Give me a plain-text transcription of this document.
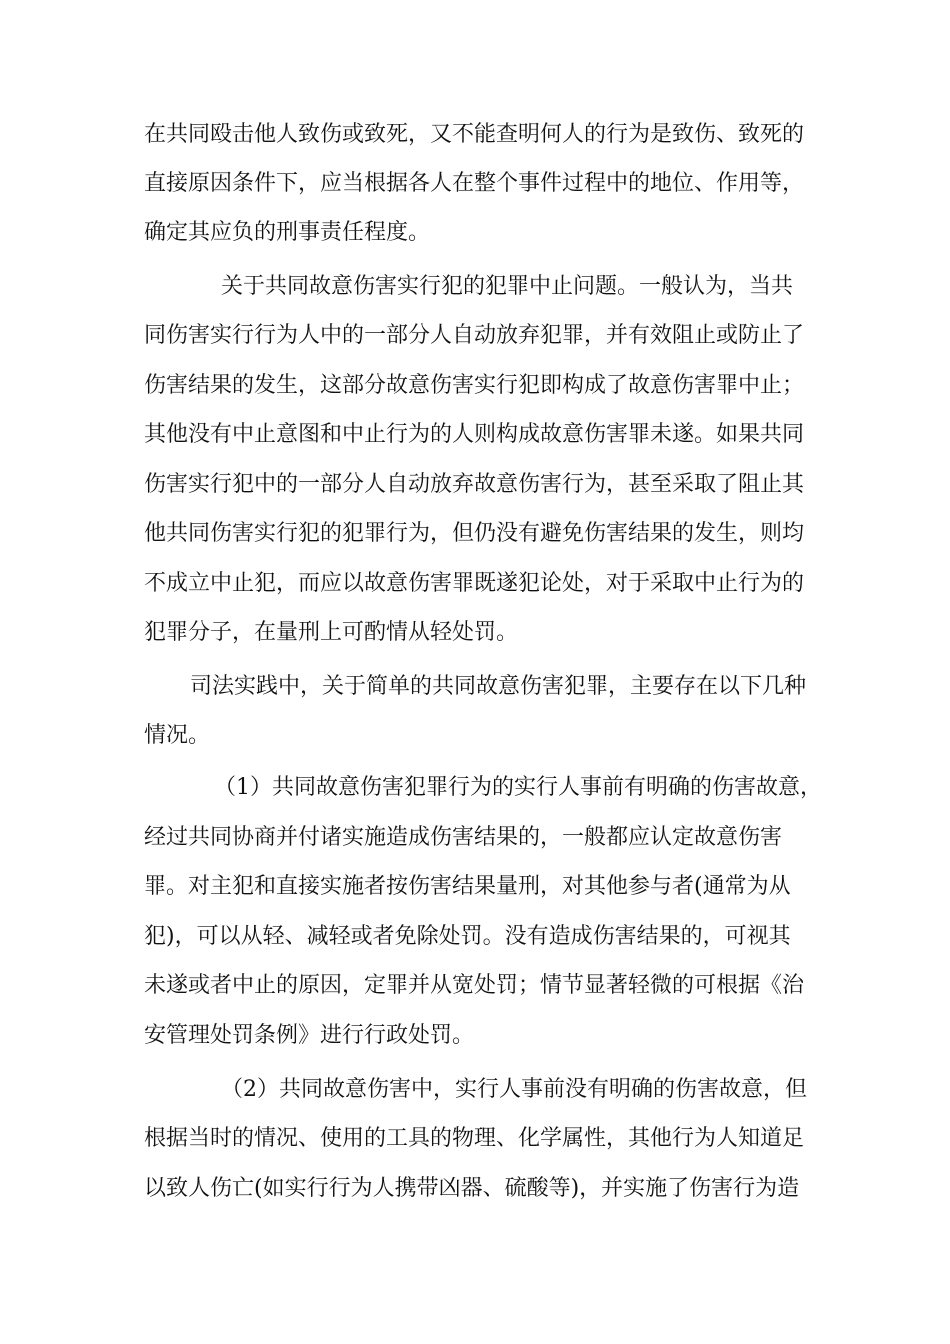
在共同殴击他人致伤或致死，又不能查明何人的行为是致伤、致死的

直接原因条件下，应当根据各人在整个事件过程中的地位、作用等，

确定其应负的刑事责任程度。

关于共同故意伤害实行犯的犯罪中止问题。一般认为，当共

同伤害实行行为人中的一部分人自动放弃犯罪，并有效阻止或防止了

伤害结果的发生，这部分故意伤害实行犯即构成了故意伤害罪中止；

其他没有中止意图和中止行为的人则构成故意伤害罪未遂。如果共同

伤害实行犯中的一部分人自动放弃故意伤害行为，甚至采取了阻止其

他共同伤害实行犯的犯罪行为，但仍没有避免伤害结果的发生，则均

不成立中止犯，而应以故意伤害罪既遂犯论处，对于采取中止行为的

犯罪分子，在量刑上可酌情从轻处罚。

司法实践中，关于简单的共同故意伤害犯罪，主要存在以下几种

情况。

（1）共同故意伤害犯罪行为的实行人事前有明确的伤害故意，

经过共同协商并付诸实施造成伤害结果的，一般都应认定故意伤害

罪。对主犯和直接实施者按伤害结果量刑，对其他参与者(通常为从

犯)，可以从轻、减轻或者免除处罚。没有造成伤害结果的，可视其

未遂或者中止的原因，定罪并从宽处罚；情节显著轻微的可根据《治

安管理处罚条例》进行行政处罚。

（2）共同故意伤害中，实行人事前没有明确的伤害故意，但

根据当时的情况、使用的工具的物理、化学属性，其他行为人知道足

以致人伤亡(如实行行为人携带凶器、硫酸等)，并实施了伤害行为造
